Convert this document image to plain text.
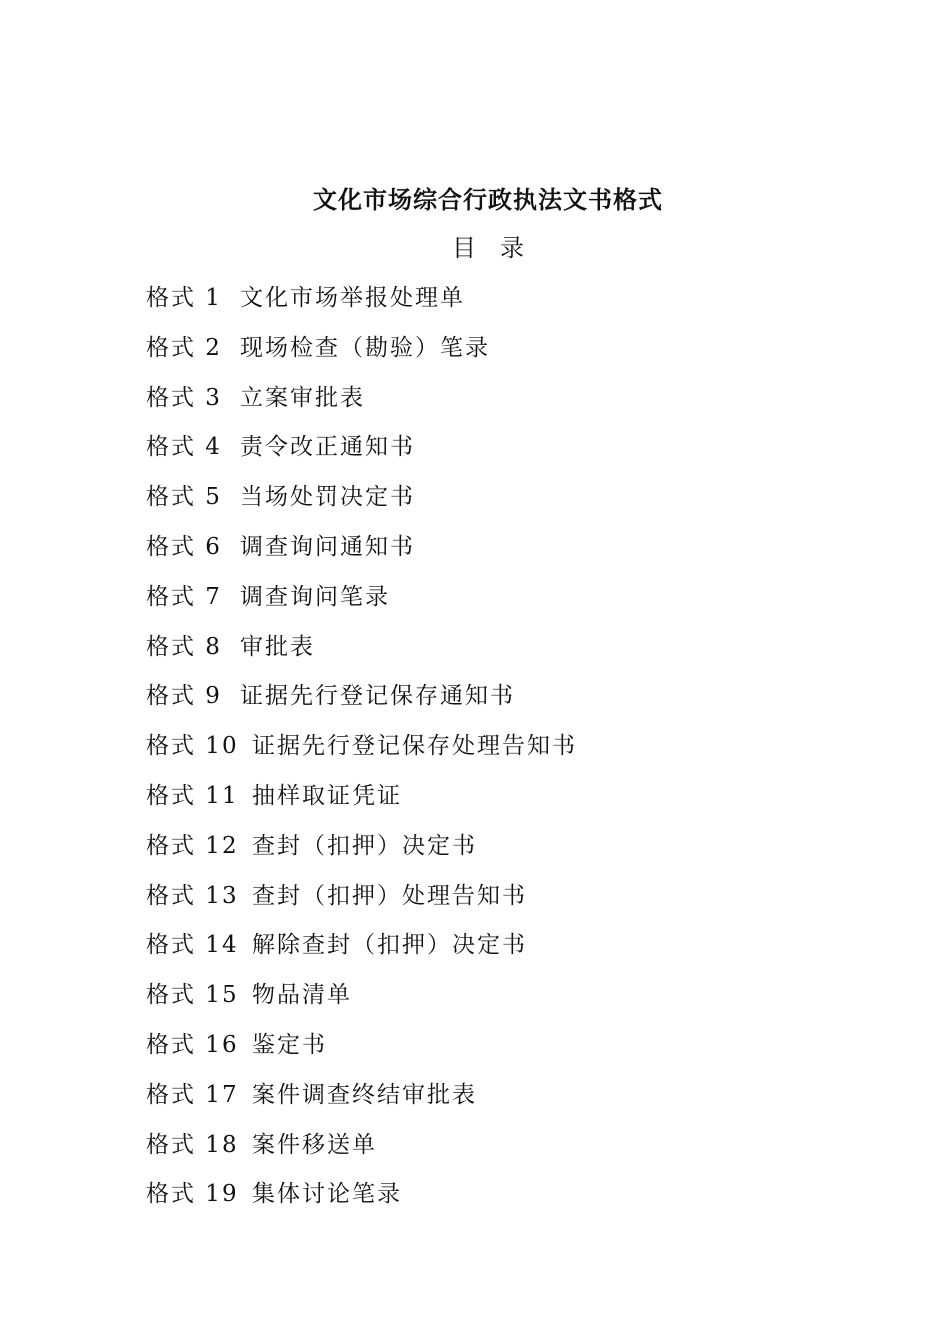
文化市场综合行政执法文书格式
目　录
格式 1 文化市场举报处理单
格式 2 现场检查（勘验）笔录
格式 3 立案审批表
格式 4 责令改正通知书
格式 5 当场处罚决定书
格式 6 调查询问通知书
格式 7 调查询问笔录
格式 8 审批表
格式 9 证据先行登记保存通知书
格式 10 证据先行登记保存处理告知书
格式 11 抽样取证凭证
格式 12 查封（扣押）决定书
格式 13 查封（扣押）处理告知书
格式 14 解除查封（扣押）决定书
格式 15 物品清单
格式 16 鉴定书
格式 17 案件调查终结审批表
格式 18 案件移送单
格式 19 集体讨论笔录
